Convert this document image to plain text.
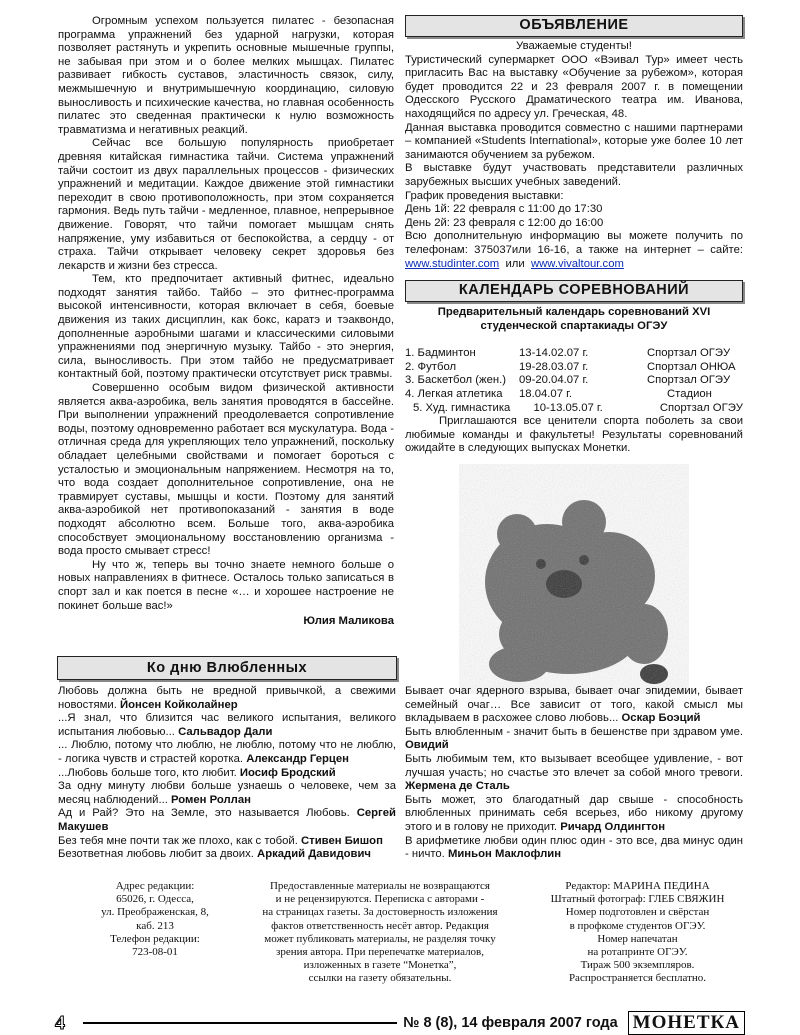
Огромным успехом пользуется пилатес - безопасная программа упражнений без ударной нагрузки, которая позволяет растянуть и укрепить основные мышечные группы, не забывая при этом и о более мелких мышцах. Пилатес развивает гибкость суставов, эластичность связок, силу, межмышечную и внутримышечную координацию, силовую выносливость и психические качества, но главная особенность пилатес это сведенная практически к нулю возможность травматизма и негативных реакций.

Сейчас все большую популярность приобретает древняя китайская гимнастика тайчи. Система упражнений тайчи состоит из двух параллельных процессов - физических упражнений и медитации. Каждое движение этой гимнастики переходит в свою противоположность, при этом сохраняется гармония. Ведь путь тайчи - медленное, плавное, непрерывное движение. Говорят, что тайчи помогает мышцам снять напряжение, уму избавиться от беспокойства, а сердцу - от страха. Тайчи открывает человеку секрет здоровья без лекарств и жизни без стресса.

Тем, кто предпочитает активный фитнес, идеально подходят занятия тайбо. Тайбо – это фитнес-программа высокой интенсивности, которая включает в себя, боевые движения из таких дисциплин, как бокс, каратэ и тэаквондо, дополненные аэробными шагами и классическими силовыми упражнениями под энергичную музыку. Тайбо - это энергия, сила, выносливость. При этом тайбо не предусматривает контактный бой, поэтому практически отсутствует риск травмы.

Совершенно особым видом физической активности является аква-аэробика, вель занятия проводятся в бассейне. При выполнении упражнений преодолевается сопротивление воды, поэтому одновременно работает вся мускулатура. Вода - отличная среда для укрепляющих тело упражнений, поскольку обладает целебными свойствами и помогает бороться с усталостью и эмоциональным напряжением. Несмотря на то, что вода создает дополнительное сопротивление, она не травмирует суставы, мышцы и кости. Поэтому для занятий аква-аэробикой нет противопоказаний - занятия в воде подходят абсолютно всем. Больше того, аква-аэробика способствует эмоциональному восстановлению организма - вода просто смывает стресс!

Ну что ж, теперь вы точно знаете немного больше о новых направлениях в фитнесе. Осталось только записаться в спорт зал и как поется в песне «… и хорошее настроение не покинет больше вас!»

Юлия Маликова

ОБЪЯВЛЕНИЕ

Уважаемые студенты!

Туристический супермаркет ООО «Вэивал Тур» имеет честь пригласить Вас на выставку «Обучение за рубежом», которая будет проводится 22 и 23 февраля 2007 г. в помещении Одесского Русского Драматического театра им. Иванова, находящийся по адресу ул. Греческая, 48.

Данная выставка проводится совместно с нашими партнерами – компанией «Students International», которые уже более 10 лет занимаются обучением за рубежом.

В выставке будут участвовать представители различных зарубежных высших учебных заведений.

График проведения выставки:

День 1й: 22 февраля с 11:00 до 17:30

День 2й: 23 февраля с 12:00 до 16:00

Всю дополнительную информацию вы можете получить по телефонам: 375037или 16-16, а также на интернет – сайте: www.studinter.com или www.vivaltour.com

КАЛЕНДАРЬ СОРЕВНОВАНИЙ

Предварительный календарь соревнований XVI студенческой спартакиады ОГЭУ

1. Бадминтон	13-14.02.07 г.	Спортзал ОГЭУ
2. Футбол	19-28.03.07 г.	Спортзал ОНЮА
3. Баскетбол (жен.)	09-20.04.07 г.	Спортзал ОГЭУ
4. Легкая атлетика	18.04.07 г.	Стадион
5. Худ. гимнастика	10-13.05.07 г.	Спортзал ОГЭУ

Приглашаются все ценители спорта поболеть за свои любимые команды и факультеты! Результаты соревнований ожидайте в следующих выпусках Монетки.

Ко дню Влюбленных

Любовь должна быть не вредной привычкой, а свежими новостями. Йонсен Койколайнер

...Я знал, что близится час великого испытания, великого испытания любовью... Сальвадор Дали

... Люблю, потому что люблю, не люблю, потому что не люблю, - логика чувств и страстей коротка. Александр Герцен

...Любовь больше того, кто любит. Иосиф Бродский

За одну минуту любви больше узнаешь о человеке, чем за месяц наблюдений... Ромен Роллан

Ад и Рай? Это на Земле, это называется Любовь. Сергей Макушев

Без тебя мне почти так же плохо, как с тобой. Стивен Бишоп

Безответная любовь любит за двоих. Аркадий Давидович

Бывает очаг ядерного взрыва, бывает очаг эпидемии, бывает семейный очаг… Все зависит от того, какой смысл мы вкладываем в расхожее слово любовь... Оскар Боэций

Быть влюбленным - значит быть в бешенстве при здравом уме. Овидий

Быть любимым тем, кто вызывает всеобщее удивление, - вот лучшая участь; но счастье это влечет за собой много тревоги. Жермена де Сталь

Быть может, это благодатный дар свыше - способность влюбленных принимать себя всерьез, ибо никому другому этого и в голову не приходит. Ричард Олдингтон

В арифметике любви один плюс один - это все, два минус один - ничто. Миньон Маклофлин

Адрес редакции:
65026, г. Одесса,
ул. Преображенская, 8,
каб. 213
Телефон редакции:
723-08-01
Предоставленные материалы не возвращаются
и не рецензируются. Переписка с авторами -
на страницах газеты. За достоверность изложения
фактов ответственность несёт автор. Редакция
может публиковать материалы, не разделяя точку
зрения автора. При перепечатке материалов,
изложенных в газете “Монетка”,
ссылки на газету обязательны.
Редактор: МАРИНА ПЕДИНА
Штатный фотограф: ГЛЕБ СВЯЖИН
Номер подготовлен и свёрстан
в профкоме студентов ОГЭУ.
Номер напечатан
на ротапринте ОГЭУ.
Тираж 500 экземпляров.
Распространяется бесплатно.
4	№ 8 (8), 14 февраля 2007 года МОНЕТКА
